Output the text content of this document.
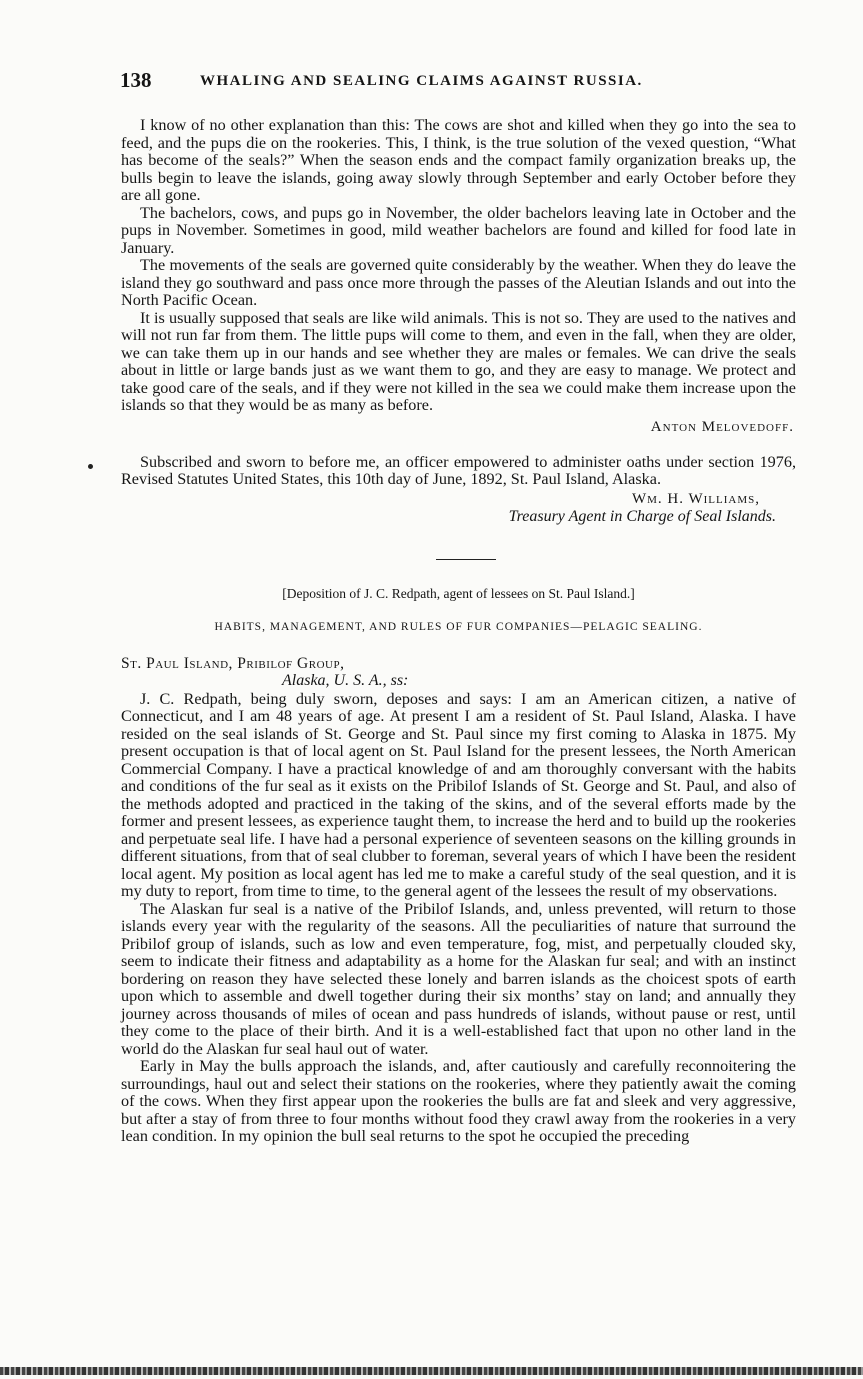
138	WHALING AND SEALING CLAIMS AGAINST RUSSIA.

I know of no other explanation than this: The cows are shot and killed when they go into the sea to feed, and the pups die on the rookeries. This, I think, is the true solution of the vexed question, “What has become of the seals?” When the season ends and the compact family organization breaks up, the bulls begin to leave the islands, going away slowly through September and early October before they are all gone.

The bachelors, cows, and pups go in November, the older bachelors leaving late in October and the pups in November. Sometimes in good, mild weather bachelors are found and killed for food late in January.

The movements of the seals are governed quite considerably by the weather. When they do leave the island they go southward and pass once more through the passes of the Aleutian Islands and out into the North Pacific Ocean.

It is usually supposed that seals are like wild animals. This is not so. They are used to the natives and will not run far from them. The little pups will come to them, and even in the fall, when they are older, we can take them up in our hands and see whether they are males or females. We can drive the seals about in little or large bands just as we want them to go, and they are easy to manage. We protect and take good care of the seals, and if they were not killed in the sea we could make them increase upon the islands so that they would be as many as before.

Anton Melovedoff.

Subscribed and sworn to before me, an officer empowered to administer oaths under section 1976, Revised Statutes United States, this 10th day of June, 1892, St. Paul Island, Alaska.

Wm. H. Williams,
Treasury Agent in Charge of Seal Islands.
[Deposition of J. C. Redpath, agent of lessees on St. Paul Island.]
HABITS, MANAGEMENT, AND RULES OF FUR COMPANIES—PELAGIC SEALING.
St. Paul Island, Pribilof Group,
Alaska, U. S. A., ss:

J. C. Redpath, being duly sworn, deposes and says: I am an American citizen, a native of Connecticut, and I am 48 years of age. At present I am a resident of St. Paul Island, Alaska. I have resided on the seal islands of St. George and St. Paul since my first coming to Alaska in 1875. My present occupation is that of local agent on St. Paul Island for the present lessees, the North American Commercial Company. I have a practical knowledge of and am thoroughly conversant with the habits and conditions of the fur seal as it exists on the Pribilof Islands of St. George and St. Paul, and also of the methods adopted and practiced in the taking of the skins, and of the several efforts made by the former and present lessees, as experience taught them, to increase the herd and to build up the rookeries and perpetuate seal life. I have had a personal experience of seventeen seasons on the killing grounds in different situations, from that of seal clubber to foreman, several years of which I have been the resident local agent. My position as local agent has led me to make a careful study of the seal question, and it is my duty to report, from time to time, to the general agent of the lessees the result of my observations.

The Alaskan fur seal is a native of the Pribilof Islands, and, unless prevented, will return to those islands every year with the regularity of the seasons. All the peculiarities of nature that surround the Pribilof group of islands, such as low and even temperature, fog, mist, and perpetually clouded sky, seem to indicate their fitness and adaptability as a home for the Alaskan fur seal; and with an instinct bordering on reason they have selected these lonely and barren islands as the choicest spots of earth upon which to assemble and dwell together during their six months’ stay on land; and annually they journey across thousands of miles of ocean and pass hundreds of islands, without pause or rest, until they come to the place of their birth. And it is a well-established fact that upon no other land in the world do the Alaskan fur seal haul out of water.

Early in May the bulls approach the islands, and, after cautiously and carefully reconnoitering the surroundings, haul out and select their stations on the rookeries, where they patiently await the coming of the cows. When they first appear upon the rookeries the bulls are fat and sleek and very aggressive, but after a stay of from three to four months without food they crawl away from the rookeries in a very lean condition. In my opinion the bull seal returns to the spot he occupied the preceding
